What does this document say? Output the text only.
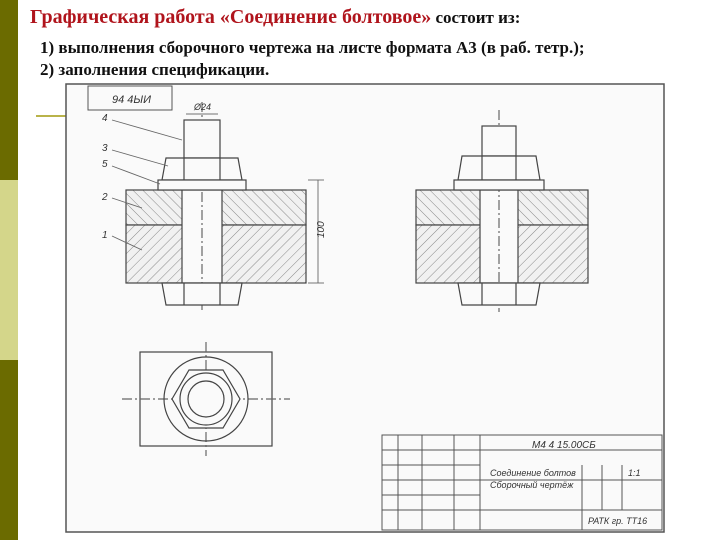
Графическая работа «Соединение болтовое» состоит из:
1) выполнения сборочного чертежа на листе формата А3 (в раб. тетр.);
2) заполнения спецификации.
94 4ЫИ
Ø24
4
3
5
2
1	100
М4 4 15.00СБ
Соединение болтов
Сборочный чертёж
1:1
РАТК гр. ТТ16
